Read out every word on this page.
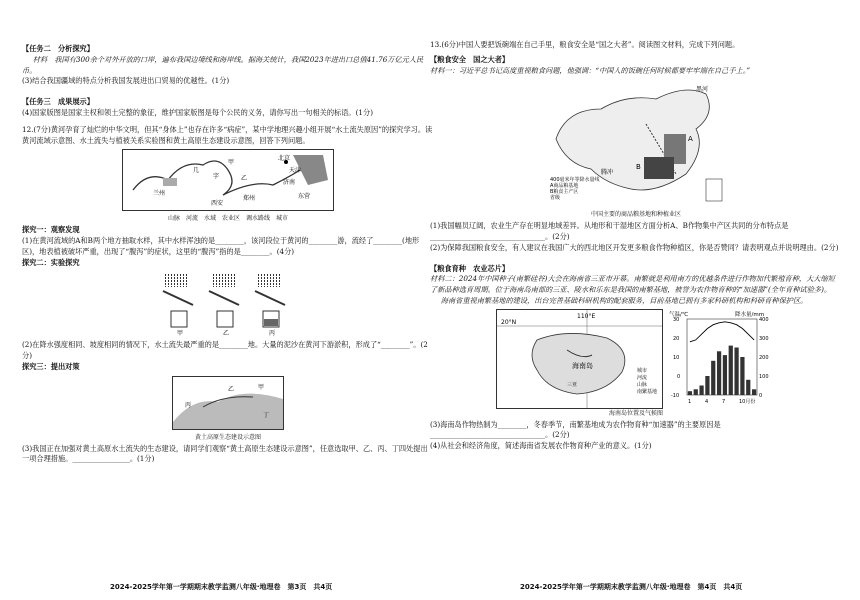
【任务二　分析探究】

材料　我国有300余个对外开放的口岸，遍布我国边境线和海岸线。据海关统计，我国2023年进出口总值41.76万亿元人民币。

(3)结合我国疆域的特点分析我国发展进出口贸易的优越性。(1分)

【任务三　成果展示】

(4)国家版图是国家主权和领土完整的象征，维护国家版图是每个公民的义务，请你写出一句相关的标语。(1分)

12.(7分)黄河孕育了灿烂的中华文明，但其“身体上”也存在许多“病症”，某中学地理兴趣小组开展“水土流失原因”的探究学习。读黄河流域示意图、水土流失与植被关系实验图和黄土高原生态建设示意图，回答下列问题。

北京
天津
济南
兰州
西安
郑州	东营
甲
乙
几
字

山脉　河流　水域　农业区　调水路线　城市

探究一：观察发现

(1)在黄河流域的A和B两个地方抽取水样，其中水样浑浊的是________，该河段位于黄河的________游，流经了________(地形区)，地表植被破坏严重，出现了“腹泻”的症状，这里的“腹泻”指的是________。(4分)

探究二：实验探究

甲	乙	丙

(2)在降水强度相同、坡度相同的情况下，水土流失最严重的是________地。大量的泥沙在黄河下游淤积，形成了“________”。(2分)

探究三：提出对策

丙
乙	甲
丁

黄土高原生态建设示意图

(3)我国正在加强对黄土高原水土流失的生态建设，请同学们观察“黄土高原生态建设示意图”，任意选取甲、乙、丙、丁四处提出一项合理措施。________________。(1分)

13.(6分)中国人要把饭碗端在自己手里，粮食安全是“国之大者”。阅读图文材料，完成下列问题。

【粮食安全　国之大者】

材料一：习近平总书记高度重视粮食问题，他强调：“中国人的饭碗任何时候都要牢牢端在自己手上。”

黑河
腾冲
A
B
400毫米年等降水量线
A商品粮基地
B粮食主产区
省级

中国主要的商品粮基地和种植业区

(1)我国幅员辽阔，农业生产存在明显地域差异。从地形和干湿地区方面分析A、B作物集中产区共同的分布特点是________________________________。(2分)

(2)为保障我国粮食安全，有人建议在我国广大的西北地区开发更多粮食作物种植区，你是否赞同？请表明观点并说明理由。(2分)

【粮食育种　农业芯片】

材料二：2024年中国种子(南繁硅谷)大会在海南省三亚市开幕。南繁就是利用南方的优越条件进行作物加代繁殖育种，大大缩短了新品种选育周期。位于海南岛南部的三亚、陵水和乐东是我国的南繁基地，被誉为农作物育种的“加速器”(全年育种试验多)。

海南省重视南繁基地的建设，出台完善基础科研机构的配套服务，目前基地已拥有多家科研机构和科研育种保护区。

110°E
20°N
海南岛
三亚
城市
河流
山脉
南繁基地
气温/℃	降水量/mm
30
20
10
0
-10
400
300
200
100
0
1	4	7	10月份

海南岛位置及气候图

(3)海南岛作物热制为________，冬春季节，南繁基地成为农作物育种“加速器”的主要原因是________________________________。(2分)

(4)从社会和经济角度，简述海南省发展农作物育种产业的意义。(1分)

2024-2025学年第一学期期末教学监测八年级·地理卷　第3页　共4页	2024-2025学年第一学期期末教学监测八年级·地理卷　第4页　共4页
